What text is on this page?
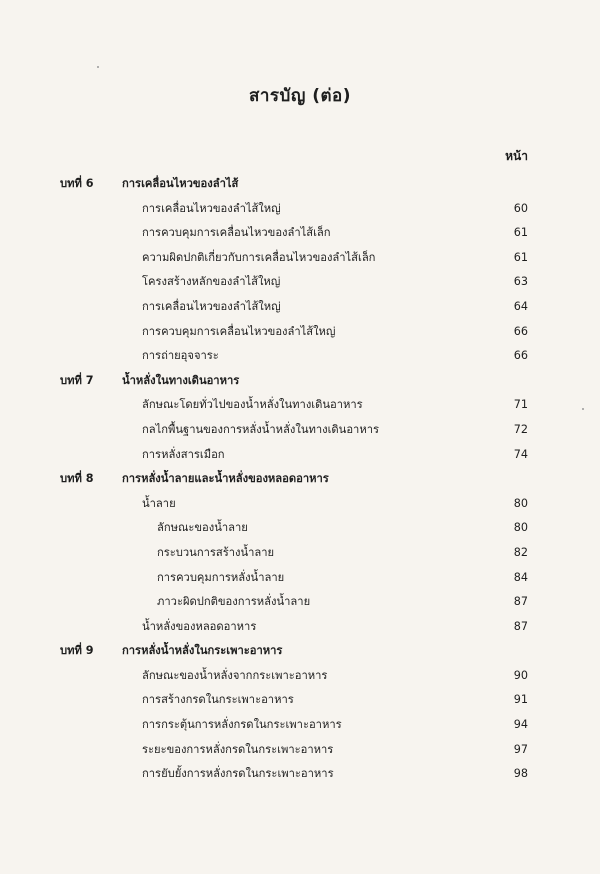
สารบัญ (ต่อ)
หน้า
บทที่ 6	การเคลื่อนไหวของลำไส้
การเคลื่อนไหวของลำไส้ใหญ่	60
การควบคุมการเคลื่อนไหวของลำไส้เล็ก	61
ความผิดปกติเกี่ยวกับการเคลื่อนไหวของลำไส้เล็ก	61
โครงสร้างหลักของลำไส้ใหญ่	63
การเคลื่อนไหวของลำไส้ใหญ่	64
การควบคุมการเคลื่อนไหวของลำไส้ใหญ่	66
การถ่ายอุจจาระ	66
บทที่ 7	น้ำหลั่งในทางเดินอาหาร
ลักษณะโดยทั่วไปของน้ำหลั่งในทางเดินอาหาร	71
กลไกพื้นฐานของการหลั่งน้ำหลั่งในทางเดินอาหาร	72
การหลั่งสารเมือก	74
บทที่ 8	การหลั่งน้ำลายและน้ำหลั่งของหลอดอาหาร
น้ำลาย	80
ลักษณะของน้ำลาย	80
กระบวนการสร้างน้ำลาย	82
การควบคุมการหลั่งน้ำลาย	84
ภาวะผิดปกติของการหลั่งน้ำลาย	87
น้ำหลั่งของหลอดอาหาร	87
บทที่ 9	การหลั่งน้ำหลั่งในกระเพาะอาหาร
ลักษณะของน้ำหลั่งจากกระเพาะอาหาร	90
การสร้างกรดในกระเพาะอาหาร	91
การกระตุ้นการหลั่งกรดในกระเพาะอาหาร	94
ระยะของการหลั่งกรดในกระเพาะอาหาร	97
การยับยั้งการหลั่งกรดในกระเพาะอาหาร	98
